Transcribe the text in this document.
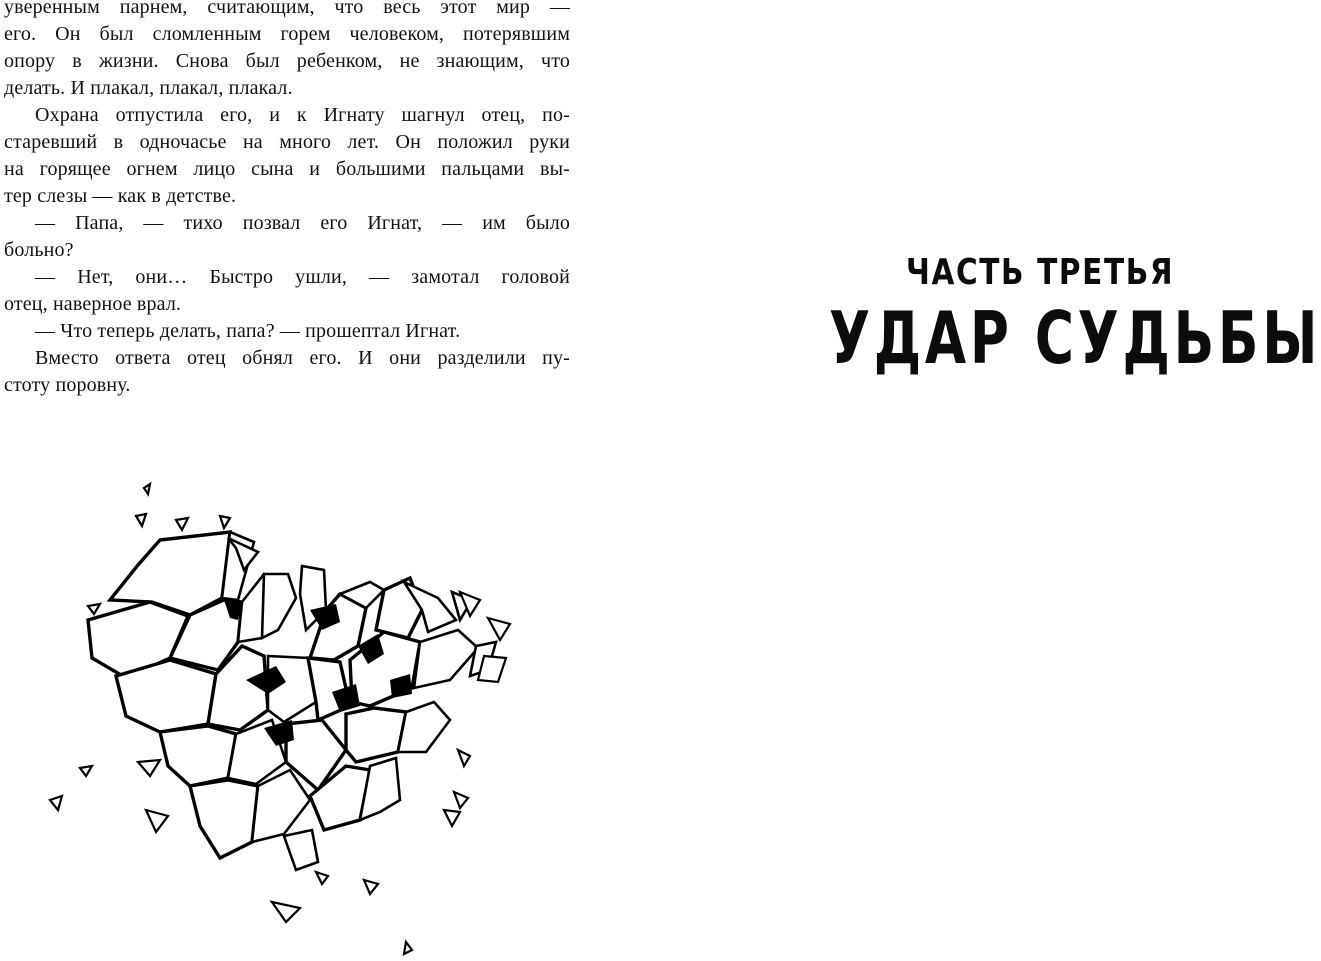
уверенным парнем, считающим, что весь этот мир —
его. Он был сломленным горем человеком, потерявшим
опору в жизни. Снова был ребенком, не знающим, что
делать. И плакал, плакал, плакал.
Охрана отпустила его, и к Игнату шагнул отец, по-
старевший в одночасье на много лет. Он положил руки
на горящее огнем лицо сына и большими пальцами вы-
тер слезы — как в детстве.
— Папа, — тихо позвал его Игнат, — им было
больно?
— Нет, они… Быстро ушли, — замотал головой
отец, наверное врал.
— Что теперь делать, папа? — прошептал Игнат.
Вместо ответа отец обнял его. И они разделили пу-
стоту поровну.
ЧАСТЬ ТРЕТЬЯ
УДАР СУДЬБЫ
